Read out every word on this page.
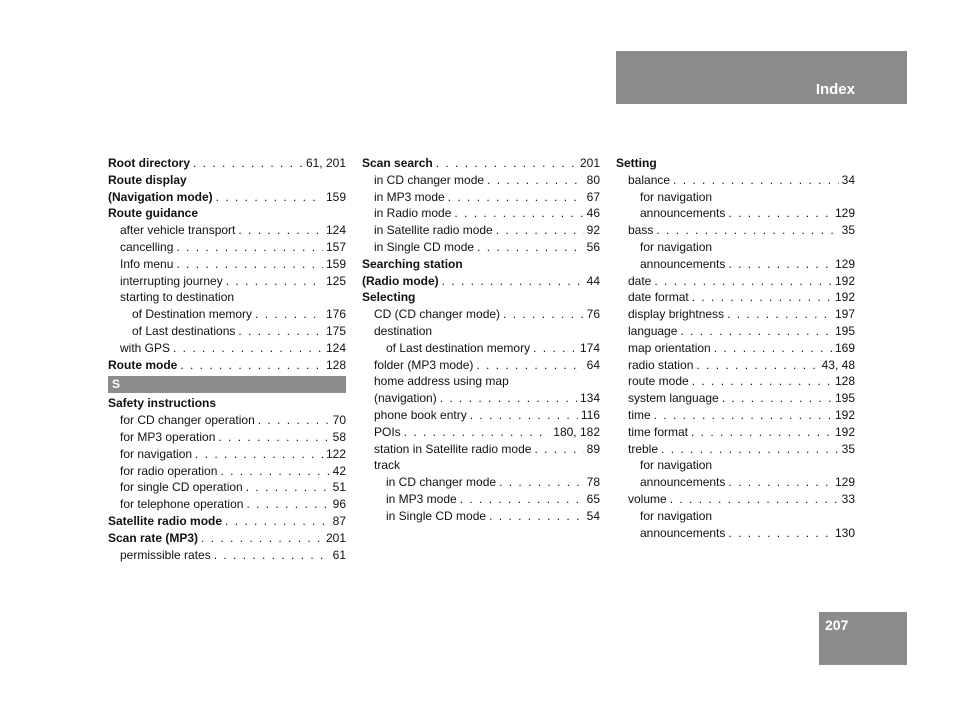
Index
Root directory . . .	61, 201
Route display
(Navigation mode) . . .	159
Route guidance
after vehicle transport . . .	124
cancelling . . .	157
Info menu . . .	159
interrupting journey . . .	125
starting to destination
of Destination memory . . .	176
of Last destinations . . .	175
with GPS . . .	124
Route mode . . .	128
S
Safety instructions
for CD changer operation . . .	70
for MP3 operation . . .	58
for navigation . . .	122
for radio operation . . .	42
for single CD operation . . .	51
for telephone operation . . .	96
Satellite radio mode . . .	87
Scan rate (MP3) . . .	201
permissible rates . . .	61
Scan search . . .	201
in CD changer mode . . .	80
in MP3 mode . . .	67
in Radio mode . . .	46
in Satellite radio mode . . .	92
in Single CD mode . . .	56
Searching station
(Radio mode) . . .	44
Selecting
CD (CD changer mode) . . .	76
destination
of Last destination memory . . .	174
folder (MP3 mode) . . .	64
home address using map
(navigation) . . .	134
phone book entry . . .	116
POIs . . .	180, 182
station in Satellite radio mode . . .	89
track
in CD changer mode . . .	78
in MP3 mode . . .	65
in Single CD mode . . .	54
Setting
balance . . .	34
for navigation
announcements . . .	129
bass . . .	35
for navigation
announcements . . .	129
date . . .	192
date format . . .	192
display brightness . . .	197
language . . .	195
map orientation . . .	169
radio station . . .	43, 48
route mode . . .	128
system language . . .	195
time . . .	192
time format . . .	192
treble . . .	35
for navigation
announcements . . .	129
volume . . .	33
for navigation
announcements . . .	130
207
